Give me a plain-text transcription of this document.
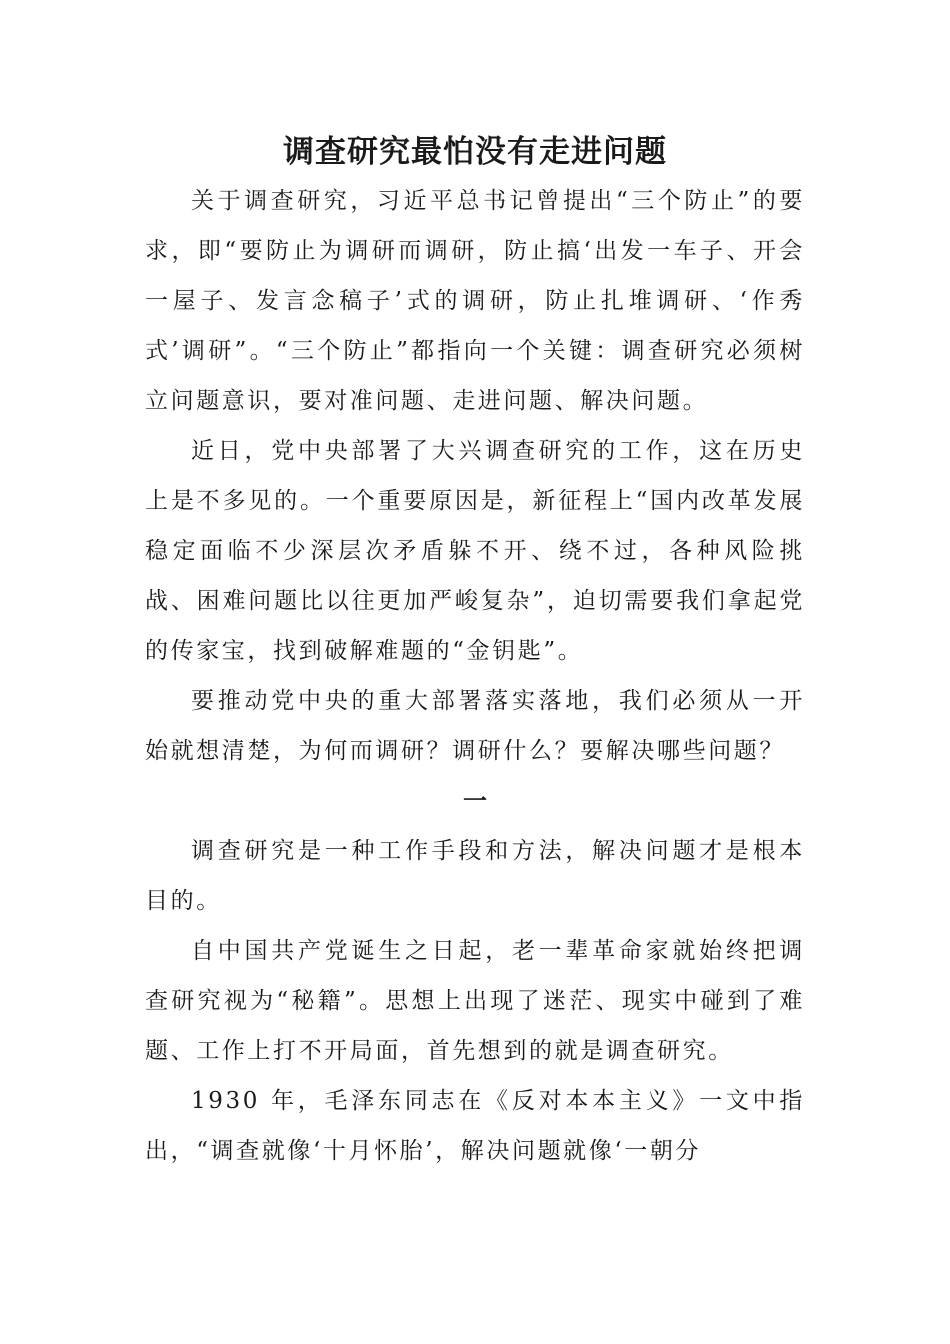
调查研究最怕没有走进问题

关于调查研究，习近平总书记曾提出“三个防止”的要求，即“要防止为调研而调研，防止搞‘出发一车子、开会一屋子、发言念稿子’式的调研，防止扎堆调研、‘作秀式’调研”。“三个防止”都指向一个关键：调查研究必须树立问题意识，要对准问题、走进问题、解决问题。

近日，党中央部署了大兴调查研究的工作，这在历史上是不多见的。一个重要原因是，新征程上“国内改革发展稳定面临不少深层次矛盾躲不开、绕不过，各种风险挑战、困难问题比以往更加严峻复杂”，迫切需要我们拿起党的传家宝，找到破解难题的“金钥匙”。

要推动党中央的重大部署落实落地，我们必须从一开始就想清楚，为何而调研？调研什么？要解决哪些问题？

一

调查研究是一种工作手段和方法，解决问题才是根本目的。

自中国共产党诞生之日起，老一辈革命家就始终把调查研究视为“秘籍”。思想上出现了迷茫、现实中碰到了难题、工作上打不开局面，首先想到的就是调查研究。

1930 年，毛泽东同志在《反对本本主义》一文中指出，“调查就像‘十月怀胎’，解决问题就像‘一朝分
